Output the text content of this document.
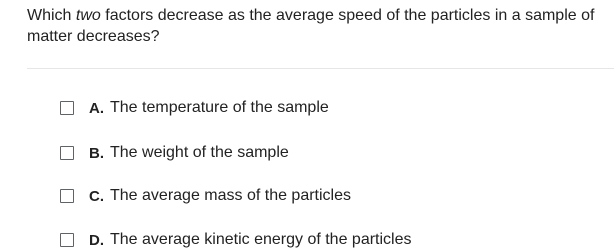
Which two factors decrease as the average speed of the particles in a sample of matter decreases?
A. The temperature of the sample
B. The weight of the sample
C. The average mass of the particles
D. The average kinetic energy of the particles
